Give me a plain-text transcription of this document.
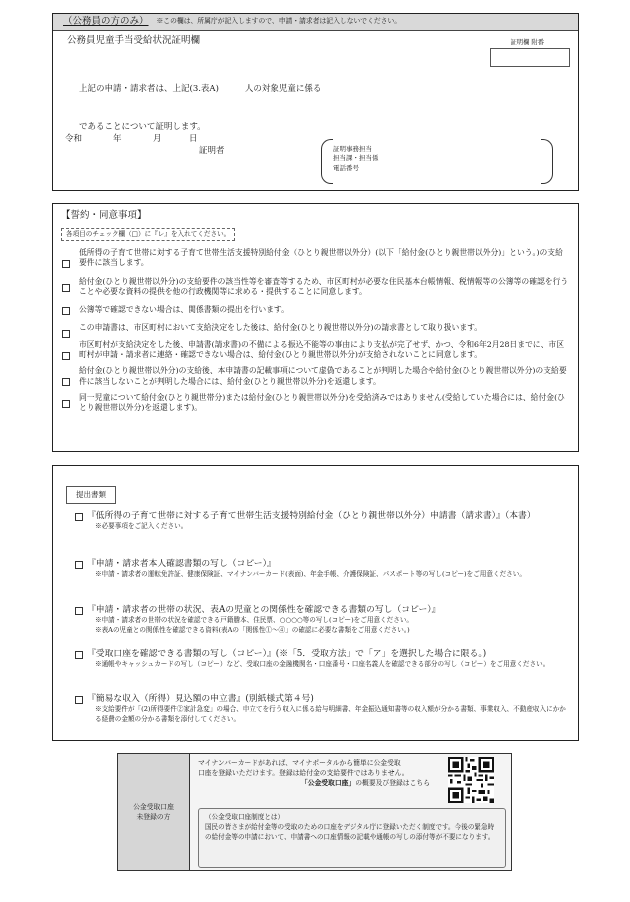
（公務員の方のみ） ※この欄は、所属庁が記入しますので、申請・請求者は記入しないでください。
公務員児童手当受給状況証明欄	証明欄 附番
上記の申請・請求者は、上記(3.表A)	人の対象児童に係る
であることについて証明します。
令和	年	月	日
証明者	証明事務担当
担当課・担当係
電話番号
【誓約・同意事項】
各項目のチェック欄（□）に『レ』を入れてください。
低所得の子育て世帯に対する子育て世帯生活支援特別給付金（ひとり親世帯以外分）(以下「給付金(ひとり親世帯以外分)」という。)の支給要件に該当します。
給付金(ひとり親世帯以外分)の支給要件の該当性等を審査等するため、市区町村が必要な住民基本台帳情報、税情報等の公簿等の確認を行うことや必要な資料の提供を他の行政機関等に求める・提供することに同意します。
公簿等で確認できない場合は、関係書類の提出を行います。
この申請書は、市区町村において支給決定をした後は、給付金(ひとり親世帯以外分)の請求書として取り扱います。
市区町村が支給決定をした後、申請書(請求書)の不備による振込不能等の事由により支払が完了せず、かつ、令和6年2月28日までに、市区町村が申請・請求者に連絡・確認できない場合は、給付金(ひとり親世帯以外分)が支給されないことに同意します。
給付金(ひとり親世帯以外分)の支給後、本申請書の記載事項について虚偽であることが判明した場合や給付金(ひとり親世帯以外分)の支給要件に該当しないことが判明した場合には、給付金(ひとり親世帯以外分)を返還します。
同一児童について給付金(ひとり親世帯分)または給付金(ひとり親世帯以外分)を受給済みではありません(受給していた場合には、給付金(ひとり親世帯以外分)を返還します)。
提出書類
『低所得の子育て世帯に対する子育て世帯生活支援特別給付金（ひとり親世帯以外分）申請書（請求書）』（本書）
※必要事項をご記入ください。
『申請・請求者本人確認書類の写し（コピー）』
※申請・請求者の運転免許証、健康保険証、マイナンバーカード(表面)、年金手帳、介護保険証、パスポート等の写し(コピー)をご用意ください。
『申請・請求者の世帯の状況、表Aの児童との関係性を確認できる書類の写し（コピー）』
※申請・請求者の世帯の状況を確認できる戸籍謄本、住民票、○○○○等の写し(コピー)をご用意ください。
※表Aの児童との関係性を確認できる資料(表Aの「関係性①～④」の確認に必要な書類をご用意ください。)
『受取口座を確認できる書類の写し（コピー）』(※「5．受取方法」で「ア」を選択した場合に限る。)
※通帳やキャッシュカードの写し（コピー）など、受取口座の金融機関名・口座番号・口座名義人を確認できる部分の写し（コピー）をご用意ください。
『簡易な収入（所得）見込額の申立書』(別紙様式第４号)
※支給要件が「(2)所得要件②家計急変」の場合、申立てを行う収入に係る給与明細書、年金振込通知書等の収入額が分かる書類、事業収入、不動産収入にかかる経費の金額の分かる書類を添付してください。
公金受取口座
未登録の方
マイナンバーカードがあれば、マイナポータルから簡単に公金受取
口座を登録いただけます。登録は給付金の支給要件ではありません。
「公金受取口座」の概要及び登録はこちら
（公金受取口座制度とは）
国民の皆さまが給付金等の受取のための口座をデジタル庁に登録いただく制度です。今後の緊急時の給付金等の申請において、申請書への口座情報の記載や通帳の写しの添付等が不要になります。
